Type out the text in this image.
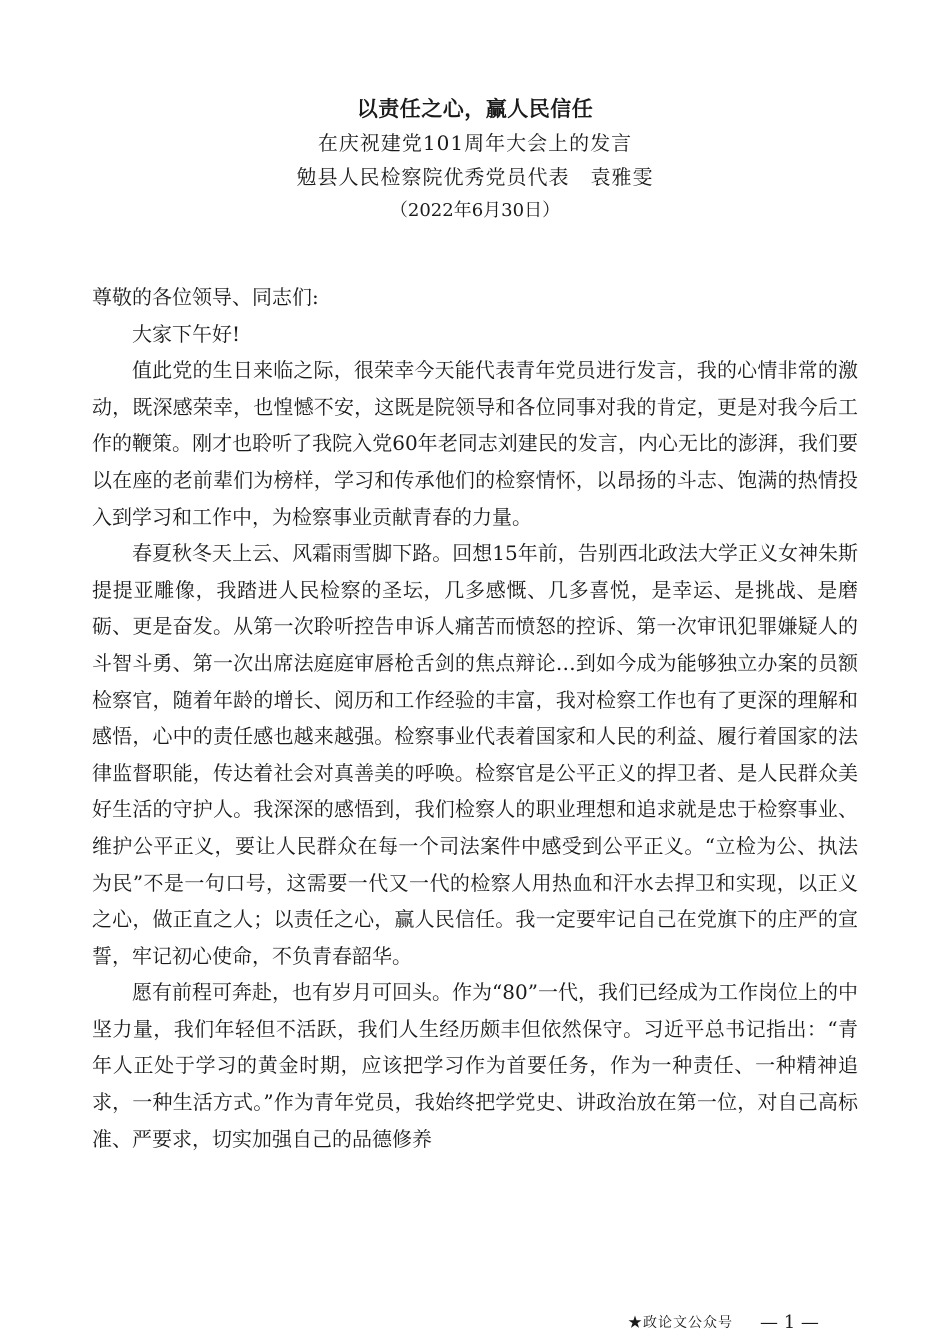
以责任之心，赢人民信任

在庆祝建党101周年大会上的发言

勉县人民检察院优秀党员代表　袁雅雯

（2022年6月30日）

尊敬的各位领导、同志们:

大家下午好!

值此党的生日来临之际，很荣幸今天能代表青年党员进行发言，我的心情非常的激动，既深感荣幸，也惶憾不安，这既是院领导和各位同事对我的肯定，更是对我今后工作的鞭策。刚才也聆听了我院入党60年老同志刘建民的发言，内心无比的澎湃，我们要以在座的老前辈们为榜样，学习和传承他们的检察情怀，以昂扬的斗志、饱满的热情投入到学习和工作中，为检察事业贡献青春的力量。

春夏秋冬天上云、风霜雨雪脚下路。回想15年前，告别西北政法大学正义女神朱斯提提亚雕像，我踏进人民检察的圣坛，几多感慨、几多喜悦，是幸运、是挑战、是磨砺、更是奋发。从第一次聆听控告申诉人痛苦而愤怒的控诉、第一次审讯犯罪嫌疑人的斗智斗勇、第一次出席法庭庭审唇枪舌剑的焦点辩论…到如今成为能够独立办案的员额检察官，随着年龄的增长、阅历和工作经验的丰富，我对检察工作也有了更深的理解和感悟，心中的责任感也越来越强。检察事业代表着国家和人民的利益、履行着国家的法律监督职能，传达着社会对真善美的呼唤。检察官是公平正义的捍卫者、是人民群众美好生活的守护人。我深深的感悟到，我们检察人的职业理想和追求就是忠于检察事业、维护公平正义，要让人民群众在每一个司法案件中感受到公平正义。“立检为公、执法为民”不是一句口号，这需要一代又一代的检察人用热血和汗水去捍卫和实现，以正义之心，做正直之人；以责任之心，赢人民信任。我一定要牢记自己在党旗下的庄严的宣誓，牢记初心使命，不负青春韶华。

愿有前程可奔赴，也有岁月可回头。作为“80”一代，我们已经成为工作岗位上的中坚力量，我们年轻但不活跃，我们人生经历颇丰但依然保守。习近平总书记指出：“青年人正处于学习的黄金时期，应该把学习作为首要任务，作为一种责任、一种精神追求，一种生活方式。”作为青年党员，我始终把学党史、讲政治放在第一位，对自己高标准、严要求，切实加强自己的品德修养

★政论文公众号 — 1 —
